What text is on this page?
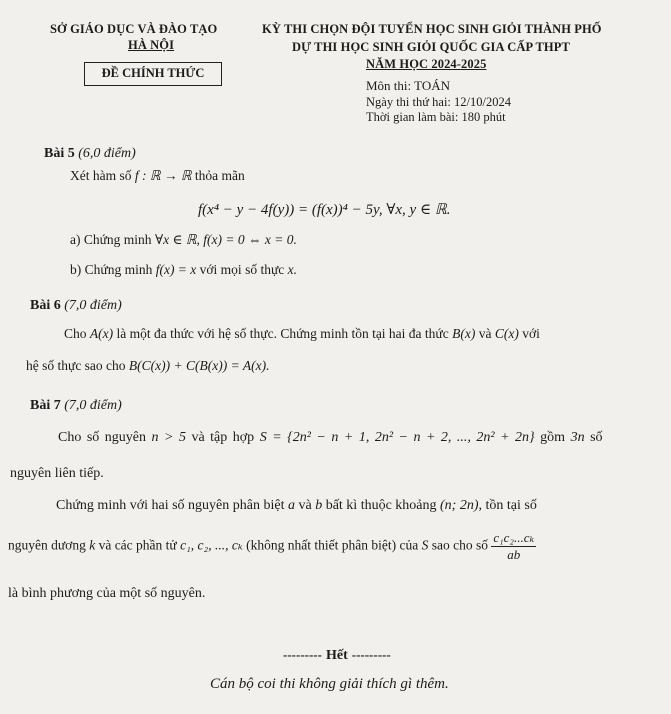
SỞ GIÁO DỤC VÀ ĐÀO TẠO
HÀ NỘI
KỲ THI CHỌN ĐỘI TUYỂN HỌC SINH GIỎI THÀNH PHỐ
DỰ THI HỌC SINH GIỎI QUỐC GIA CẤP THPT
NĂM HỌC 2024-2025
ĐỀ CHÍNH THỨC
Môn thi: TOÁN
Ngày thi thứ hai: 12/10/2024
Thời gian làm bài: 180 phút
Bài 5 (6,0 điểm)
Xét hàm số f : ℝ → ℝ thỏa mãn
f(x⁴ − y − 4f(y)) = (f(x))⁴ − 5y, ∀x, y ∈ ℝ.
a) Chứng minh ∀x ∈ ℝ, f(x) = 0 ⇔ x = 0.
b) Chứng minh f(x) = x với mọi số thực x.
Bài 6 (7,0 điểm)
Cho A(x) là một đa thức với hệ số thực. Chứng minh tồn tại hai đa thức B(x) và C(x) với
hệ số thực sao cho B(C(x)) + C(B(x)) = A(x).
Bài 7 (7,0 điểm)
Cho số nguyên n > 5 và tập hợp S = {2n² − n + 1, 2n² − n + 2, ..., 2n² + 2n} gồm 3n số
nguyên liên tiếp.
Chứng minh với hai số nguyên phân biệt a và b bất kì thuộc khoảng (n; 2n), tồn tại số
nguyên dương k và các phần tử c₁, c₂, ..., cₖ (không nhất thiết phân biệt) của S sao cho số $\frac{\text{c₁c₂...cₖ}}{ab}$
là bình phương của một số nguyên.
--------- Hết ---------
Cán bộ coi thi không giải thích gì thêm.
